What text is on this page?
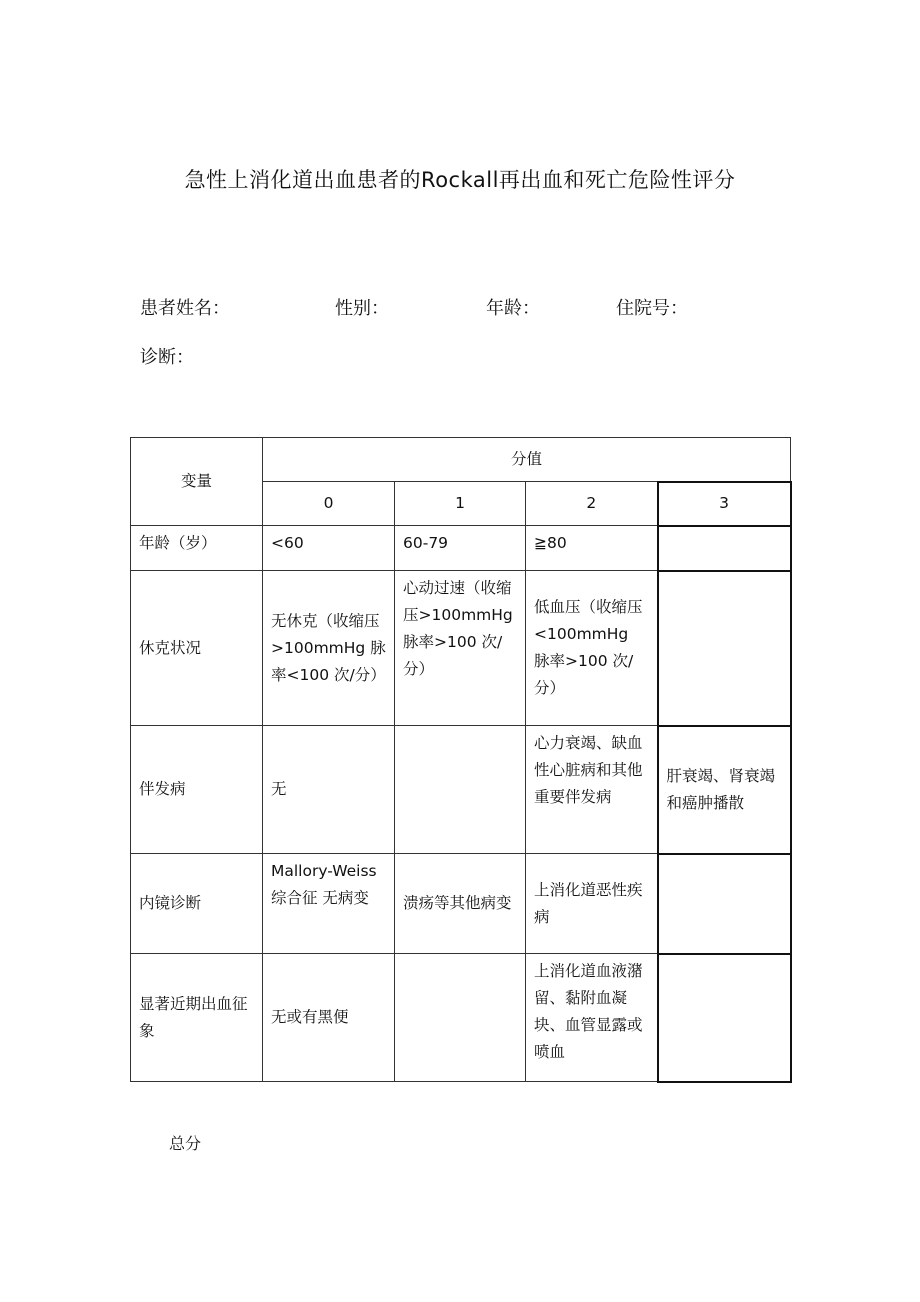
急性上消化道出血患者的Rockall再出血和死亡危险性评分
患者姓名：	性别：	年龄：	住院号：
诊断：
变量	分值			
	0	1	2	3
年龄（岁）	<60	60-79	≧80	
休克状况	无休克（收缩压>100mmHg 脉率<100 次/分）	心动过速（收缩压>100mmHg 脉率>100 次/分）	低血压（收缩压<100mmHg 脉率>100 次/分）	
伴发病	无		心力衰竭、缺血性心脏病和其他重要伴发病	肝衰竭、肾衰竭和癌肿播散
内镜诊断	Mallory-Weiss 综合征 无病变	溃疡等其他病变	上消化道恶性疾病	
显著近期出血征象	无或有黑便		上消化道血液潴留、黏附血凝块、血管显露或喷血	
总分
